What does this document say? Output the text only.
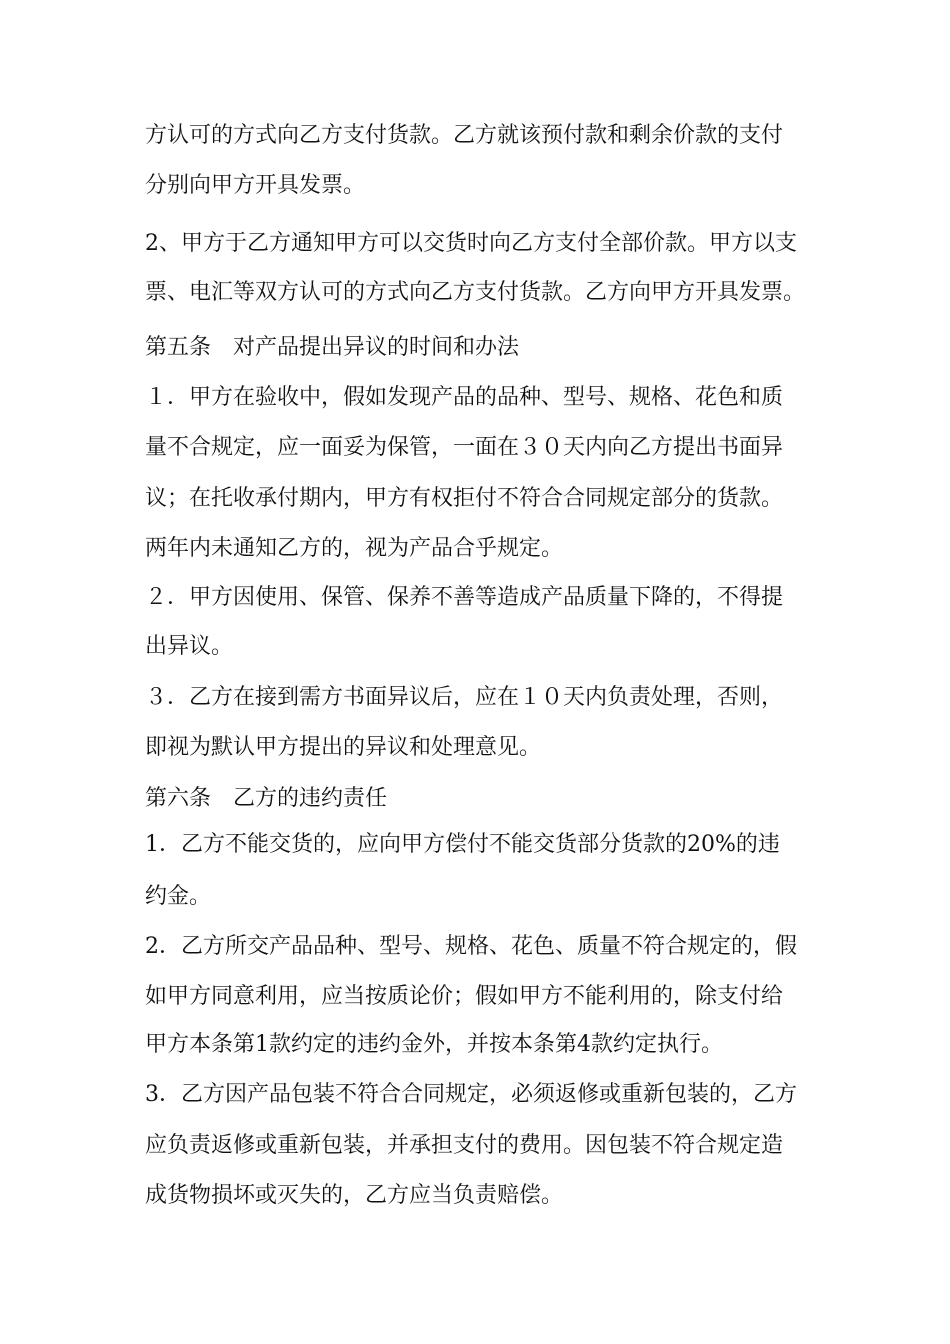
方认可的方式向乙方支付货款。乙方就该预付款和剩余价款的支付

分别向甲方开具发票。

2、甲方于乙方通知甲方可以交货时向乙方支付全部价款。甲方以支

票、电汇等双方认可的方式向乙方支付货款。乙方向甲方开具发票。

第五条　对产品提出异议的时间和办法

１．甲方在验收中，假如发现产品的品种、型号、规格、花色和质

量不合规定，应一面妥为保管，一面在３０天内向乙方提出书面异

议；在托收承付期内，甲方有权拒付不符合合同规定部分的货款。

两年内未通知乙方的，视为产品合乎规定。

２．甲方因使用、保管、保养不善等造成产品质量下降的，不得提

出异议。

３．乙方在接到需方书面异议后，应在１０天内负责处理，否则，

即视为默认甲方提出的异议和处理意见。

第六条　乙方的违约责任

1．乙方不能交货的，应向甲方偿付不能交货部分货款的20%的违

约金。

2．乙方所交产品品种、型号、规格、花色、质量不符合规定的，假

如甲方同意利用，应当按质论价；假如甲方不能利用的，除支付给

甲方本条第1款约定的违约金外，并按本条第4款约定执行。

3．乙方因产品包装不符合合同规定，必须返修或重新包装的，乙方

应负责返修或重新包装，并承担支付的费用。因包装不符合规定造

成货物损坏或灭失的，乙方应当负责赔偿。
